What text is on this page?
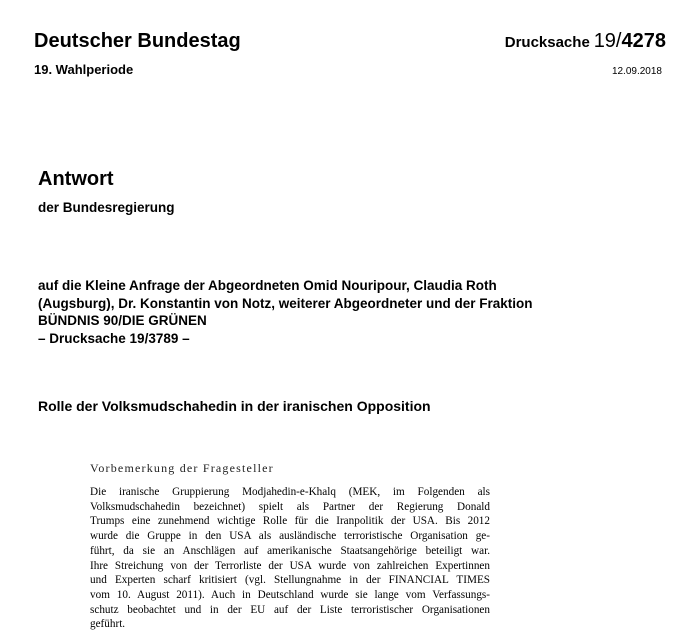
Deutscher Bundestag
19. Wahlperiode
Drucksache 19/4278
12.09.2018
Antwort
der Bundesregierung
auf die Kleine Anfrage der Abgeordneten Omid Nouripour, Claudia Roth
(Augsburg), Dr. Konstantin von Notz, weiterer Abgeordneter und der Fraktion
BÜNDNIS 90/DIE GRÜNEN
– Drucksache 19/3789 –
Rolle der Volksmudschahedin in der iranischen Opposition
Vorbemerkung der Fragesteller
Die iranische Gruppierung Modjahedin-e-Khalq (MEK, im Folgenden als
Volksmudschahedin bezeichnet) spielt als Partner der Regierung Donald
Trumps eine zunehmend wichtige Rolle für die Iranpolitik der USA. Bis 2012
wurde die Gruppe in den USA als ausländische terroristische Organisation ge-
führt, da sie an Anschlägen auf amerikanische Staatsangehörige beteiligt war.
Ihre Streichung von der Terrorliste der USA wurde von zahlreichen Expertinnen
und Experten scharf kritisiert (vgl. Stellungnahme in der FINANCIAL TIMES
vom 10. August 2011). Auch in Deutschland wurde sie lange vom Verfassungs-
schutz beobachtet und in der EU auf der Liste terroristischer Organisationen
geführt.
